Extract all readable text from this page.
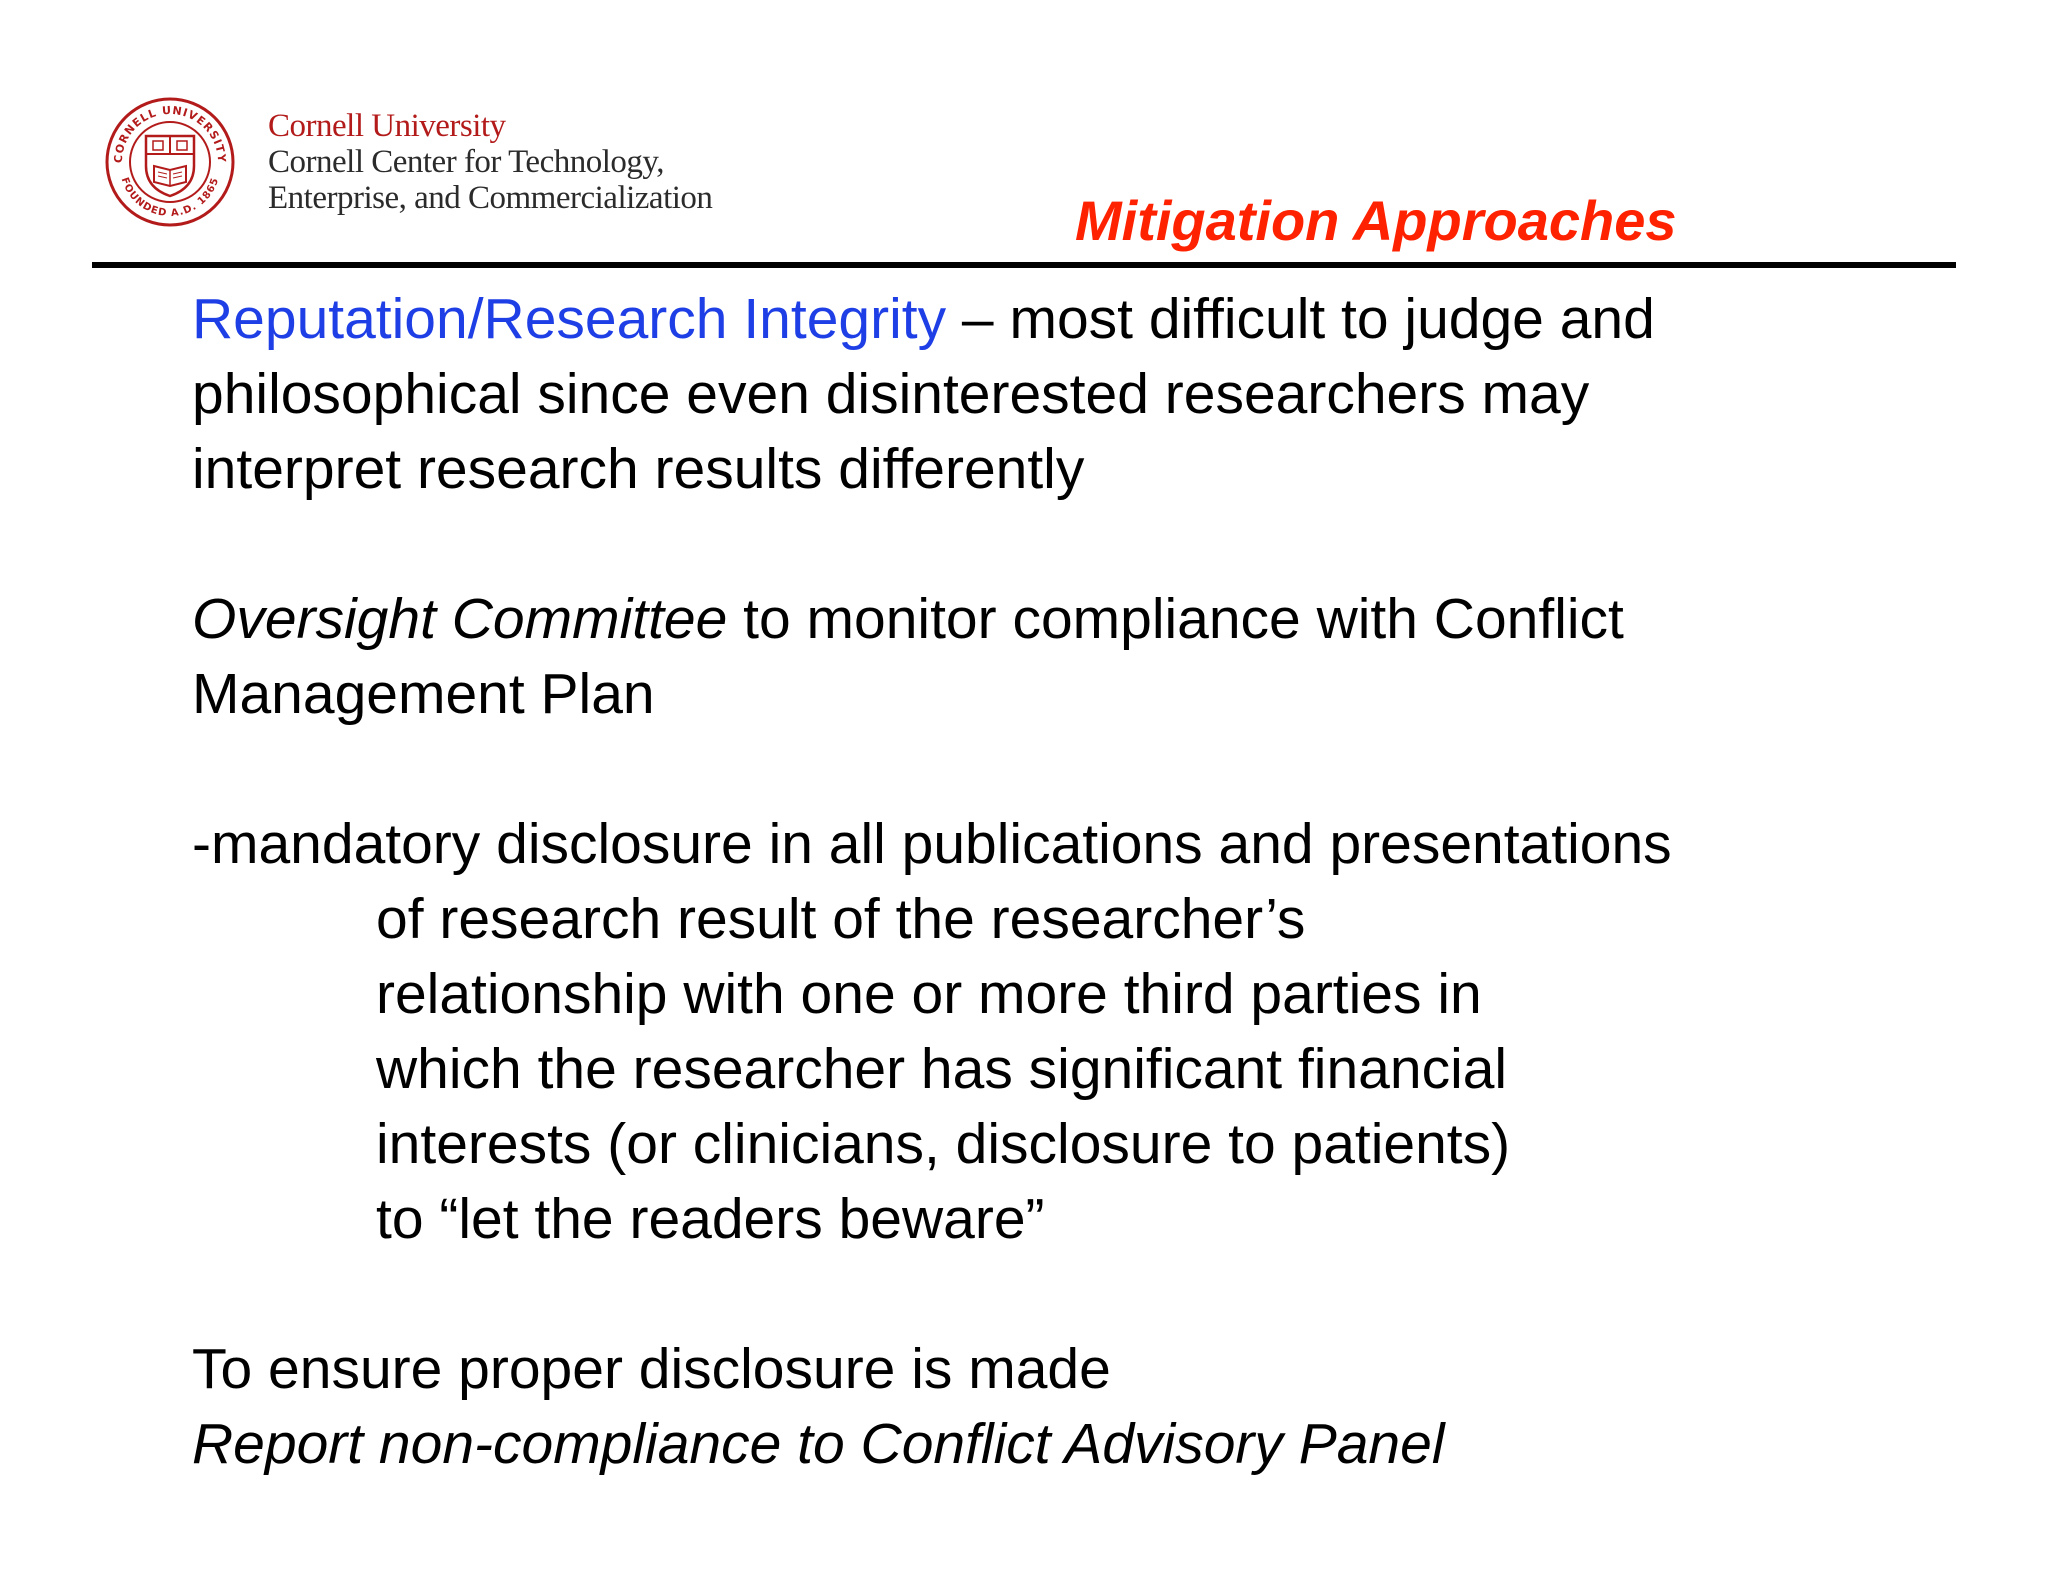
CORNELL UNIVERSITY
FOUNDED A.D. 1865
Cornell University
Cornell Center for Technology,
Enterprise, and Commercialization	Mitigation Approaches
Reputation/Research Integrity – most difficult to judge and
philosophical since even disinterested researchers may
interpret research results differently
Oversight Committee to monitor compliance with Conflict
Management Plan
-mandatory disclosure in all publications and presentations
of research result of the researcher’s
relationship with one or more third parties in
which the researcher has significant financial
interests (or clinicians, disclosure to patients)
to “let the readers beware”
To ensure proper disclosure is made
Report non-compliance to Conflict Advisory Panel
